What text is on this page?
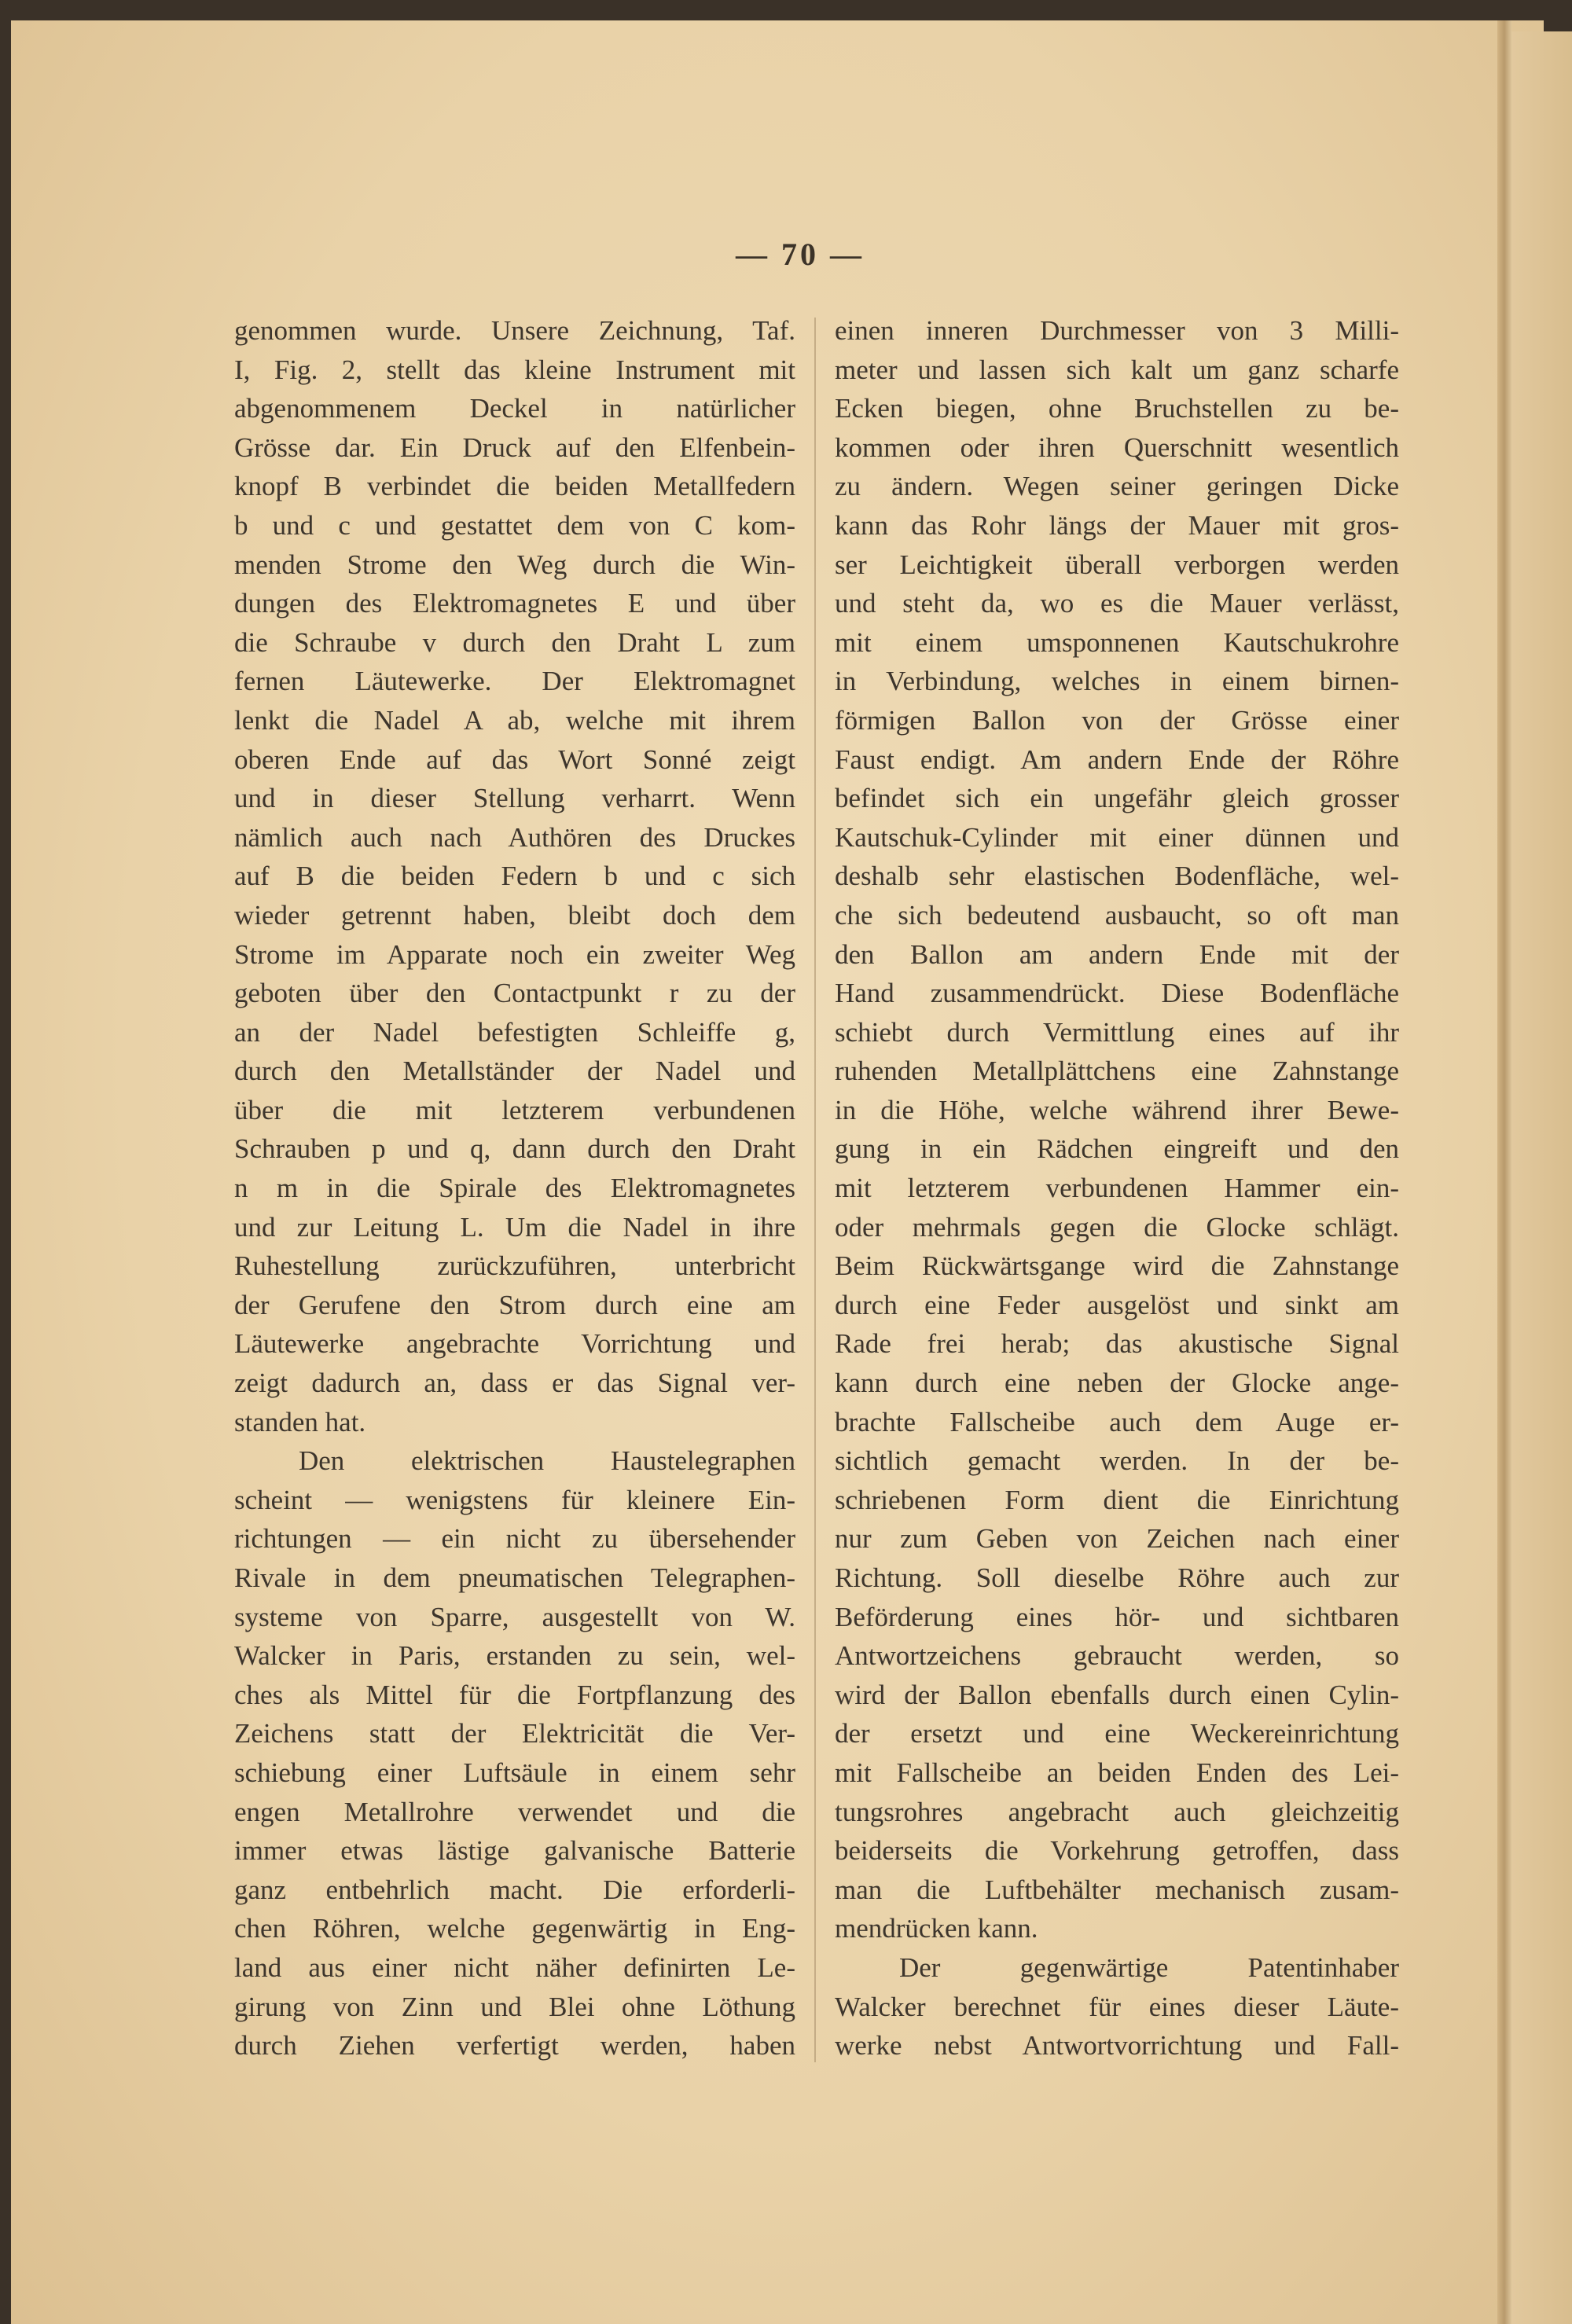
— 70 —
genommen wurde. Unsere Zeichnung, Taf.
I, Fig. 2, stellt das kleine Instrument mit
abgenommenem Deckel in natürlicher
Grösse dar. Ein Druck auf den Elfenbein-
knopf B verbindet die beiden Metallfedern
b und c und gestattet dem von C kom-
menden Strome den Weg durch die Win-
dungen des Elektromagnetes E und über
die Schraube v durch den Draht L zum
fernen Läutewerke. Der Elektromagnet
lenkt die Nadel A ab, welche mit ihrem
oberen Ende auf das Wort Sonné zeigt
und in dieser Stellung verharrt. Wenn
nämlich auch nach Authören des Druckes
auf B die beiden Federn b und c sich
wieder getrennt haben, bleibt doch dem
Strome im Apparate noch ein zweiter Weg
geboten über den Contactpunkt r zu der
an der Nadel befestigten Schleiffe g,
durch den Metallständer der Nadel und
über die mit letzterem verbundenen
Schrauben p und q, dann durch den Draht
n m in die Spirale des Elektromagnetes
und zur Leitung L. Um die Nadel in ihre
Ruhestellung zurückzuführen, unterbricht
der Gerufene den Strom durch eine am
Läutewerke angebrachte Vorrichtung und
zeigt dadurch an, dass er das Signal ver-
standen hat.
Den elektrischen Haustelegraphen
scheint — wenigstens für kleinere Ein-
richtungen — ein nicht zu übersehender
Rivale in dem pneumatischen Telegraphen-
systeme von Sparre, ausgestellt von W.
Walcker in Paris, erstanden zu sein, wel-
ches als Mittel für die Fortpflanzung des
Zeichens statt der Elektricität die Ver-
schiebung einer Luftsäule in einem sehr
engen Metallrohre verwendet und die
immer etwas lästige galvanische Batterie
ganz entbehrlich macht. Die erforderli-
chen Röhren, welche gegenwärtig in Eng-
land aus einer nicht näher definirten Le-
girung von Zinn und Blei ohne Löthung
durch Ziehen verfertigt werden, haben
einen inneren Durchmesser von 3 Milli-
meter und lassen sich kalt um ganz scharfe
Ecken biegen, ohne Bruchstellen zu be-
kommen oder ihren Querschnitt wesentlich
zu ändern. Wegen seiner geringen Dicke
kann das Rohr längs der Mauer mit gros-
ser Leichtigkeit überall verborgen werden
und steht da, wo es die Mauer verlässt,
mit einem umsponnenen Kautschukrohre
in Verbindung, welches in einem birnen-
förmigen Ballon von der Grösse einer
Faust endigt. Am andern Ende der Röhre
befindet sich ein ungefähr gleich grosser
Kautschuk-Cylinder mit einer dünnen und
deshalb sehr elastischen Bodenfläche, wel-
che sich bedeutend ausbaucht, so oft man
den Ballon am andern Ende mit der
Hand zusammendrückt. Diese Bodenfläche
schiebt durch Vermittlung eines auf ihr
ruhenden Metallplättchens eine Zahnstange
in die Höhe, welche während ihrer Bewe-
gung in ein Rädchen eingreift und den
mit letzterem verbundenen Hammer ein-
oder mehrmals gegen die Glocke schlägt.
Beim Rückwärtsgange wird die Zahnstange
durch eine Feder ausgelöst und sinkt am
Rade frei herab; das akustische Signal
kann durch eine neben der Glocke ange-
brachte Fallscheibe auch dem Auge er-
sichtlich gemacht werden. In der be-
schriebenen Form dient die Einrichtung
nur zum Geben von Zeichen nach einer
Richtung. Soll dieselbe Röhre auch zur
Beförderung eines hör- und sichtbaren
Antwortzeichens gebraucht werden, so
wird der Ballon ebenfalls durch einen Cylin-
der ersetzt und eine Weckereinrichtung
mit Fallscheibe an beiden Enden des Lei-
tungsrohres angebracht auch gleichzeitig
beiderseits die Vorkehrung getroffen, dass
man die Luftbehälter mechanisch zusam-
mendrücken kann.
Der gegenwärtige Patentinhaber
Walcker berechnet für eines dieser Läute-
werke nebst Antwortvorrichtung und Fall-
